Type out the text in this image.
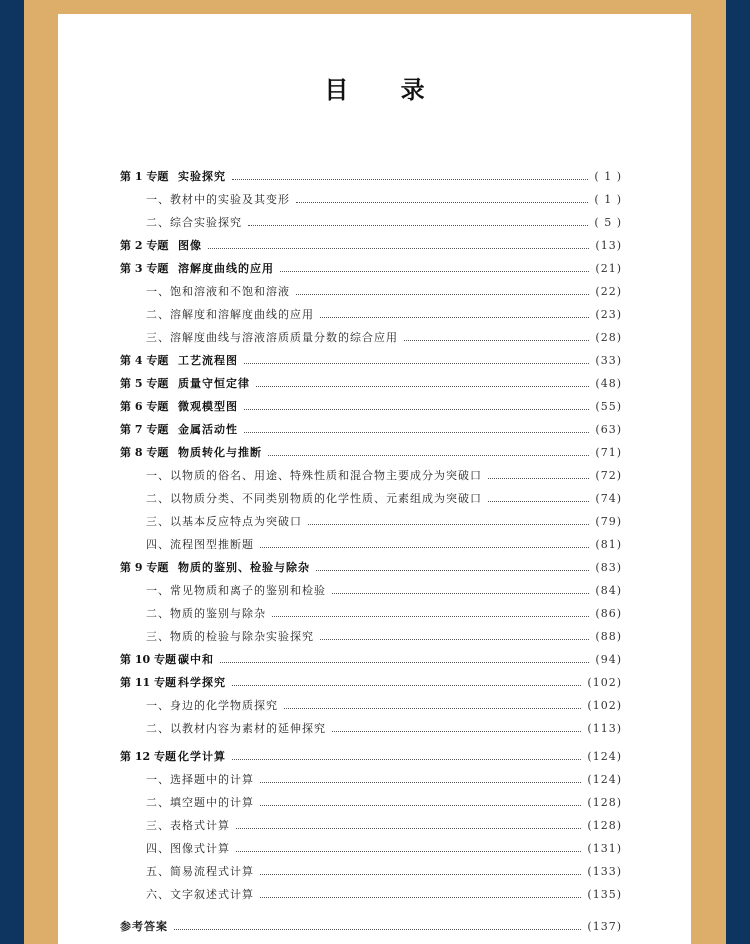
目 录
第 1 专题 实验探究	( 1 )
一、教材中的实验及其变形	( 1 )
二、综合实验探究	( 5 )
第 2 专题 图像	(13)
第 3 专题 溶解度曲线的应用	(21)
一、饱和溶液和不饱和溶液	(22)
二、溶解度和溶解度曲线的应用	(23)
三、溶解度曲线与溶液溶质质量分数的综合应用	(28)
第 4 专题 工艺流程图	(33)
第 5 专题 质量守恒定律	(48)
第 6 专题 微观模型图	(55)
第 7 专题 金属活动性	(63)
第 8 专题 物质转化与推断	(71)
一、以物质的俗名、用途、特殊性质和混合物主要成分为突破口	(72)
二、以物质分类、不同类别物质的化学性质、元素组成为突破口	(74)
三、以基本反应特点为突破口	(79)
四、流程图型推断题	(81)
第 9 专题 物质的鉴别、检验与除杂	(83)
一、常见物质和离子的鉴别和检验	(84)
二、物质的鉴别与除杂	(86)
三、物质的检验与除杂实验探究	(88)
第 10 专题 碳中和	(94)
第 11 专题 科学探究	(102)
一、身边的化学物质探究	(102)
二、以教材内容为素材的延伸探究	(113)
第 12 专题 化学计算	(124)
一、选择题中的计算	(124)
二、填空题中的计算	(128)
三、表格式计算	(128)
四、图像式计算	(131)
五、简易流程式计算	(133)
六、文字叙述式计算	(135)
参考答案	(137)
